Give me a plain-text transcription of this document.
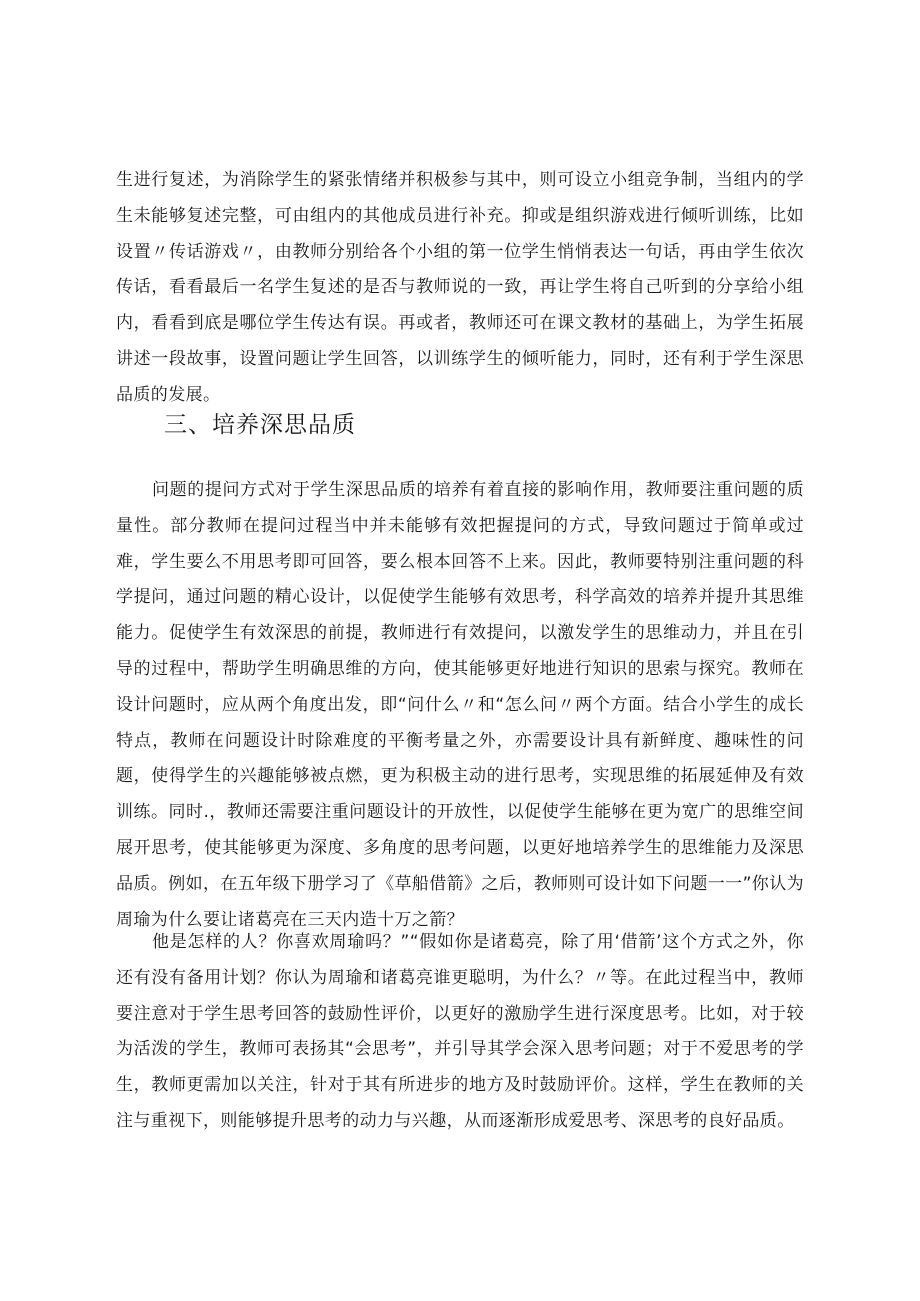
生进行复述，为消除学生的紧张情绪并积极参与其中，则可设立小组竞争制，当组内的学生未能够复述完整，可由组内的其他成员进行补充。抑或是组织游戏进行倾听训练，比如设置〃传话游戏〃，由教师分别给各个小组的第一位学生悄悄表达一句话，再由学生依次传话，看看最后一名学生复述的是否与教师说的一致，再让学生将自己听到的分享给小组内，看看到底是哪位学生传达有误。再或者，教师还可在课文教材的基础上，为学生拓展讲述一段故事，设置问题让学生回答，以训练学生的倾听能力，同时，还有利于学生深思品质的发展。

三、培养深思品质

问题的提问方式对于学生深思品质的培养有着直接的影响作用，教师要注重问题的质量性。部分教师在提问过程当中并未能够有效把握提问的方式，导致问题过于简单或过难，学生要么不用思考即可回答，要么根本回答不上来。因此，教师要特别注重问题的科学提问，通过问题的精心设计，以促使学生能够有效思考，科学高效的培养并提升其思维能力。促使学生有效深思的前提，教师进行有效提问，以激发学生的思维动力，并且在引导的过程中，帮助学生明确思维的方向，使其能够更好地进行知识的思索与探究。教师在设计问题时，应从两个角度出发，即“问什么〃和“怎么问〃两个方面。结合小学生的成长特点，教师在问题设计时除难度的平衡考量之外，亦需要设计具有新鲜度、趣味性的问题，使得学生的兴趣能够被点燃，更为积极主动的进行思考，实现思维的拓展延伸及有效训练。同时.，教师还需要注重问题设计的开放性，以促使学生能够在更为宽广的思维空间展开思考，使其能够更为深度、多角度的思考问题，以更好地培养学生的思维能力及深思品质。例如，在五年级下册学习了《草船借箭》之后，教师则可设计如下问题一一”你认为周瑜为什么要让诸葛亮在三天内造十万之箭？

他是怎样的人？你喜欢周瑜吗？”“假如你是诸葛亮，除了用‘借箭’这个方式之外，你还有没有备用计划？你认为周瑜和诸葛亮谁更聪明，为什么？〃等。在此过程当中，教师要注意对于学生思考回答的鼓励性评价，以更好的激励学生进行深度思考。比如，对于较为活泼的学生，教师可表扬其“会思考”，并引导其学会深入思考问题；对于不爱思考的学生，教师更需加以关注，针对于其有所进步的地方及时鼓励评价。这样，学生在教师的关注与重视下，则能够提升思考的动力与兴趣，从而逐渐形成爱思考、深思考的良好品质。
